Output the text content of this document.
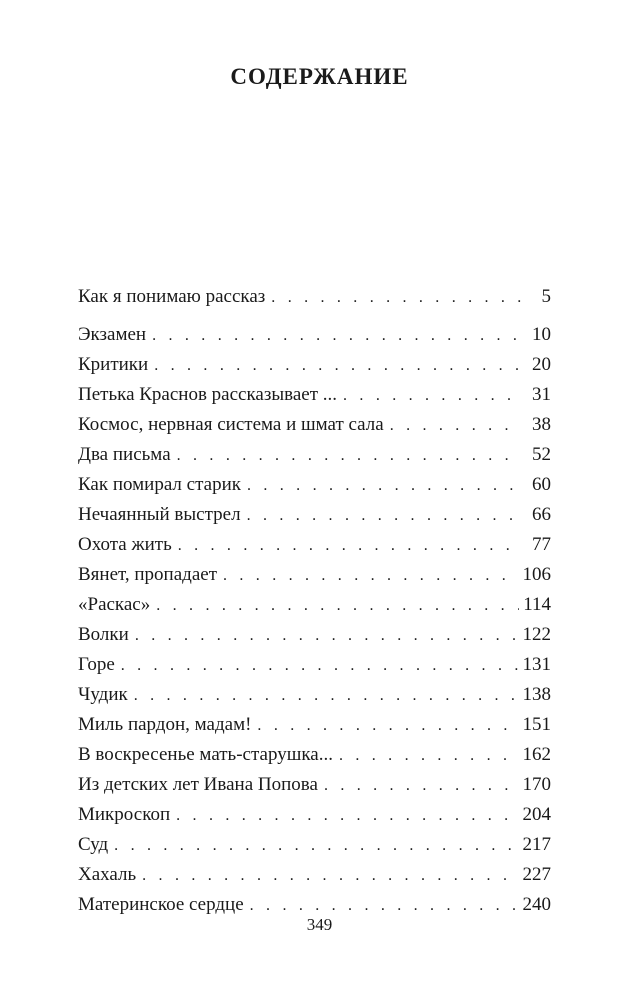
СОДЕРЖАНИЕ
Как я понимаю рассказ . . .	5
Экзамен . . .	10
Критики . . .	20
Петька Краснов рассказывает ... . . .	31
Космос, нервная система и шмат сала . . .	38
Два письма . . .	52
Как помирал старик . . .	60
Нечаянный выстрел . . .	66
Охота жить . . .	77
Вянет, пропадает . . .	106
«Раскас» . . .	114
Волки . . .	122
Горе . . .	131
Чудик . . .	138
Миль пардон, мадам! . . .	151
В воскресенье мать-старушка... . . .	162
Из детских лет Ивана Попова . . .	170
Микроскоп . . .	204
Суд . . .	217
Хахаль . . .	227
Материнское сердце . . .	240
349
